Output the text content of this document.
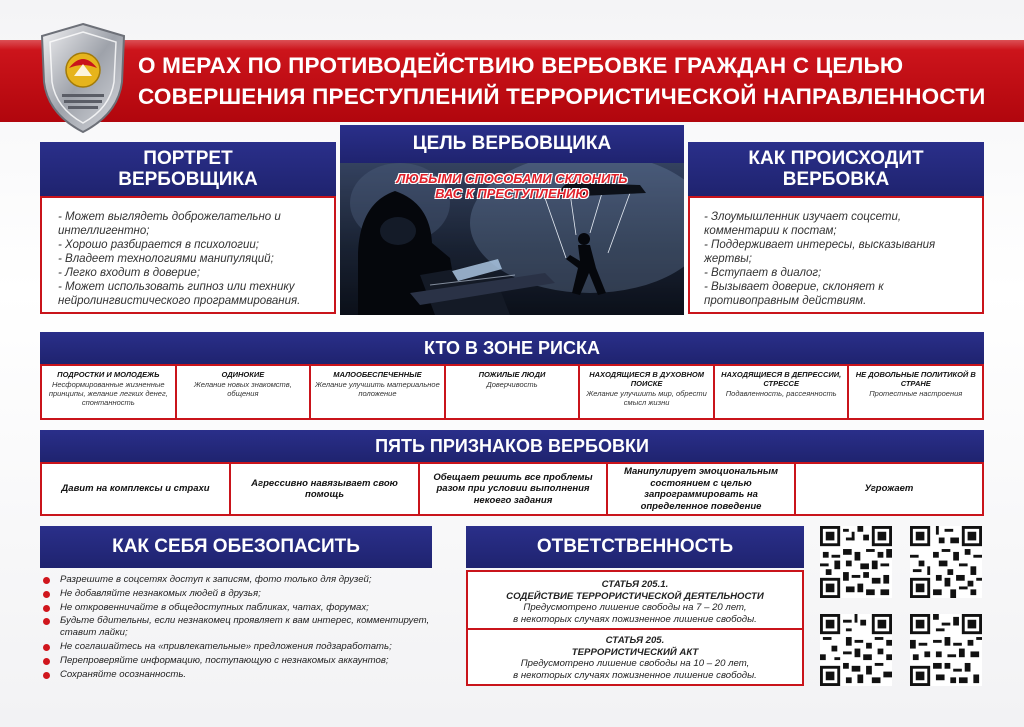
О МЕРАХ ПО ПРОТИВОДЕЙСТВИЮ ВЕРБОВКЕ ГРАЖДАН С ЦЕЛЬЮ
СОВЕРШЕНИЯ ПРЕСТУПЛЕНИЙ ТЕРРОРИСТИЧЕСКОЙ НАПРАВЛЕННОСТИ
ПОРТРЕТ
ВЕРБОВЩИКА
- Может выглядеть доброжелательно и интеллигентно;
- Хорошо разбирается в психологии;
- Владеет технологиями манипуляций;
- Легко входит в доверие;
- Может использовать гипноз или технику нейролингвистического программирования.
ЦЕЛЬ ВЕРБОВЩИКА
ЛЮБЫМИ СПОСОБАМИ СКЛОНИТЬ
ВАС К ПРЕСТУПЛЕНИЮ
КАК ПРОИСХОДИТ
ВЕРБОВКА
- Злоумышленник изучает соцсети, комментарии к постам;
- Поддерживает интересы, высказывания жертвы;
- Вступает в диалог;
- Вызывает доверие, склоняет к противоправным действиям.
КТО В ЗОНЕ РИСКА
ПОДРОСТКИ И МОЛОДЕЖЬ
Несформированные жизненные принципы, желание легких денег, спонтанность
ОДИНОКИЕ
Желание новых знакомств, общения
МАЛООБЕСПЕЧЕННЫЕ
Желание улучшить материальное положение
ПОЖИЛЫЕ ЛЮДИ
Доверчивость
НАХОДЯЩИЕСЯ В ДУХОВНОМ ПОИСКЕ
Желание улучшить мир, обрести смысл жизни
НАХОДЯЩИЕСЯ В ДЕПРЕССИИ, СТРЕССЕ
Подавленность, рассеянность
НЕ ДОВОЛЬНЫЕ ПОЛИТИКОЙ В СТРАНЕ
Протестные настроения
ПЯТЬ ПРИЗНАКОВ ВЕРБОВКИ
Давит на комплексы и страхи
Агрессивно навязывает свою помощь
Обещает решить все проблемы разом при условии выполнения некоего задания
Манипулирует эмоциональным состоянием с целью запрограммировать на определенное поведение
Угрожает
КАК СЕБЯ ОБЕЗОПАСИТЬ
Разрешите в соцсетях доступ к записям, фото только для друзей;
Не добавляйте незнакомых людей в друзья;
Не откровенничайте в общедоступных пабликах, чатах, форумах;
Будьте бдительны, если незнакомец проявляет к вам интерес, комментирует, ставит лайки;
Не соглашайтесь на «привлекательные» предложения подзаработать;
Перепроверяйте информацию, поступающую с незнакомых аккаунтов;
Сохраняйте осознанность.
ОТВЕТСТВЕННОСТЬ
СТАТЬЯ 205.1.
СОДЕЙСТВИЕ ТЕРРОРИСТИЧЕСКОЙ ДЕЯТЕЛЬНОСТИ
Предусмотрено лишение свободы на 7 – 20 лет,
в некоторых случаях пожизненное лишение свободы.
СТАТЬЯ 205.
ТЕРРОРИСТИЧЕСКИЙ АКТ
Предусмотрено лишение свободы на 10 – 20 лет,
в некоторых случаях пожизненное лишение свободы.
